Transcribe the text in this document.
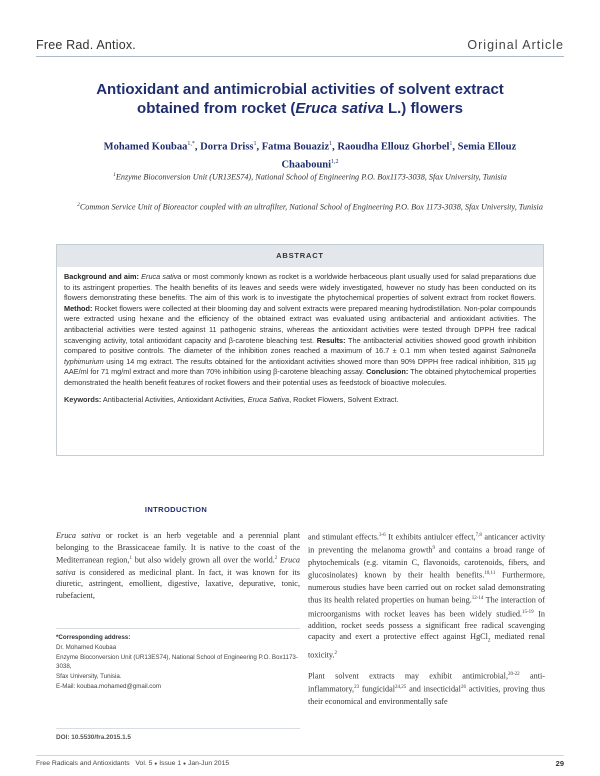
Free Rad. Antiox.	Original Article
Antioxidant and antimicrobial activities of solvent extract
obtained from rocket (Eruca sativa L.) flowers
Mohamed Koubaa$^{1,*}$, Dorra Driss$^1$, Fatma Bouaziz$^1$, Raoudha Ellouz Ghorbel$^1$, Semia Ellouz Chaabouni$^{1,2}$
$^1$Enzyme Bioconversion Unit (UR13ES74), National School of Engineering P.O. Box1173-3038, Sfax University, Tunisia
$^2$Common Service Unit of Bioreactor coupled with an ultrafilter, National School of Engineering P.O. Box 1173-3038, Sfax University, Tunisia
ABSTRACT
Background and aim: Eruca sativa or most commonly known as rocket is a worldwide herbaceous plant usually used for salad preparations due to its astringent properties. The health benefits of its leaves and seeds were widely investigated, however no study has been conducted on its flowers demonstrating these benefits. The aim of this work is to investigate the phytochemical properties of solvent extract from rocket flowers. Method: Rocket flowers were collected at their blooming day and solvent extracts were prepared meaning hydrodistillation. Non-polar compounds were extracted using hexane and the efficiency of the obtained extract was evaluated using antibacterial and antioxidant activities. The antibacterial activities were tested against 11 pathogenic strains, whereas the antioxidant activities were tested through DPPH free radical scavenging activity, total antioxidant capacity and β-carotene bleaching test. Results: The antibacterial activities showed good growth inhibition compared to positive controls. The diameter of the inhibition zones reached a maximum of 16.7 ± 0.1 mm when tested against Salmonella typhimurium using 14 mg extract. The results obtained for the antioxidant activities showed more than 90% DPPH free radical inhibition, 315 µg AAE/ml for 71 mg/ml extract and more than 70% inhibition using β-carotene bleaching assay. Conclusion: The obtained phytochemical properties demonstrated the health benefit features of rocket flowers and their potential uses as feedstock of bioactive molecules.
Keywords: Antibacterial Activities, Antioxidant Activities, Eruca Sativa, Rocket Flowers, Solvent Extract.
INTRODUCTION

Eruca sativa or rocket is an herb vegetable and a perennial plant belonging to the Brassicaceae family. It is native to the coast of the Mediterranean region,$^1$ but also widely grown all over the world.$^2$ Eruca sativa is considered as medicinal plant. In fact, it was known for its diuretic, astringent, emollient, digestive, laxative, depurative, tonic, rubefacient,

*Corresponding address:
Dr. Mohamed Koubaa
Enzyme Bioconversion Unit (UR13ES74), National School of Engineering P.O. Box1173-3038,
Sfax University, Tunisia.
E-Mail: koubaa.mohamed@gmail.com
DOI: 10.5530/fra.2015.1.5

and stimulant effects.$^{3-6}$ It exhibits antiulcer effect,$^{7,8}$ anticancer activity in preventing the melanoma growth$^9$ and contains a broad range of phytochemicals (e.g. vitamin C, flavonoids, carotenoids, fibers, and glucosinolates) known by their health benefits.$^{10,11}$ Furthermore, numerous studies have been carried out on rocket salad demonstrating thus its health related properties on human being.$^{12-14}$ The interaction of microorganisms with rocket leaves has been widely studied.$^{15-19}$ In addition, rocket seeds possess a significant free radical scavenging capacity and exert a protective effect against HgCl$_2$ mediated renal toxicity.$^2$

Plant solvent extracts may exhibit antimicrobial,$^{20-22}$ anti-inflammatory,$^{23}$ fungicidal$^{24,25}$ and insecticidal$^{26}$ activities, proving thus their economical and environmentally safe

Free Radicals and Antioxidants Vol. 5 ● Issue 1 ● Jan-Jun 2015	29
